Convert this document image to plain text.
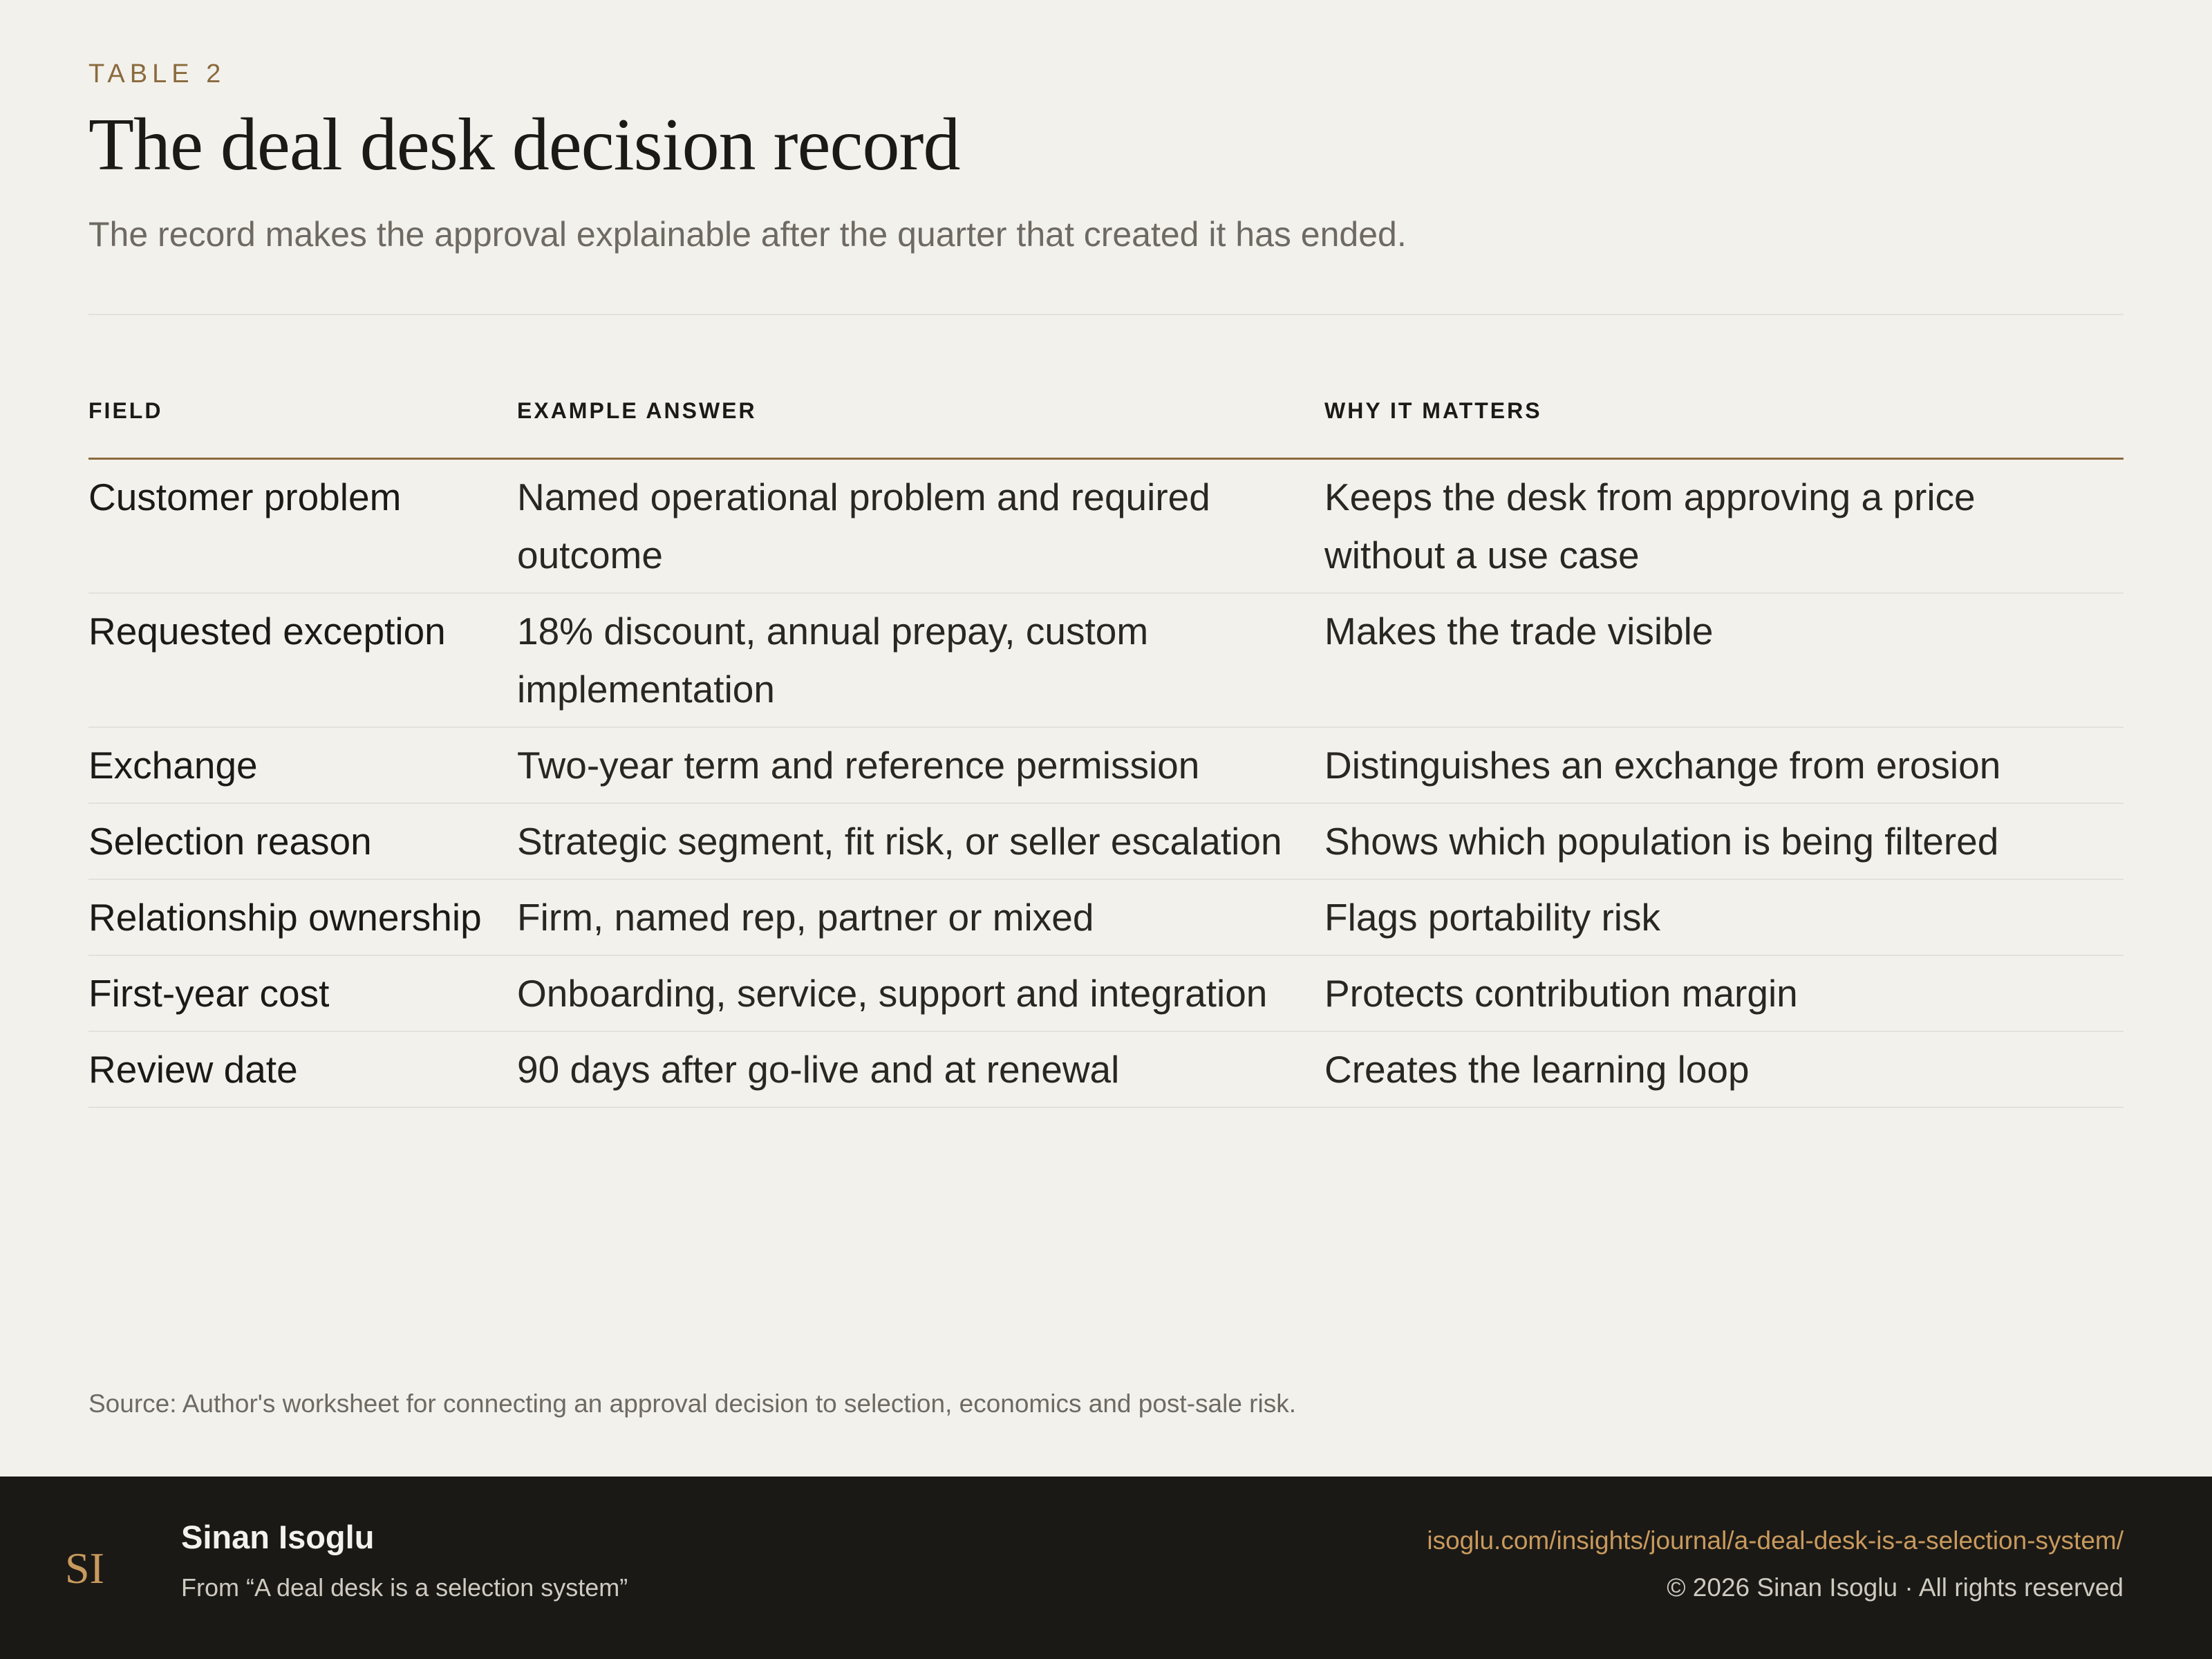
TABLE 2
The deal desk decision record
The record makes the approval explainable after the quarter that created it has ended.
FIELD	EXAMPLE ANSWER	WHY IT MATTERS
Customer problem	Named operational problem and required outcome	Keeps the desk from approving a price without a use case
Requested exception	18% discount, annual prepay, custom implementation	Makes the trade visible
Exchange	Two-year term and reference permission	Distinguishes an exchange from erosion
Selection reason	Strategic segment, fit risk, or seller escalation	Shows which population is being filtered
Relationship ownership	Firm, named rep, partner or mixed	Flags portability risk
First-year cost	Onboarding, service, support and integration	Protects contribution margin
Review date	90 days after go-live and at renewal	Creates the learning loop
Source: Author's worksheet for connecting an approval decision to selection, economics and post-sale risk.
SI
Sinan Isoglu
From “A deal desk is a selection system”
isoglu.com/insights/journal/a-deal-desk-is-a-selection-system/
© 2026 Sinan Isoglu · All rights reserved
